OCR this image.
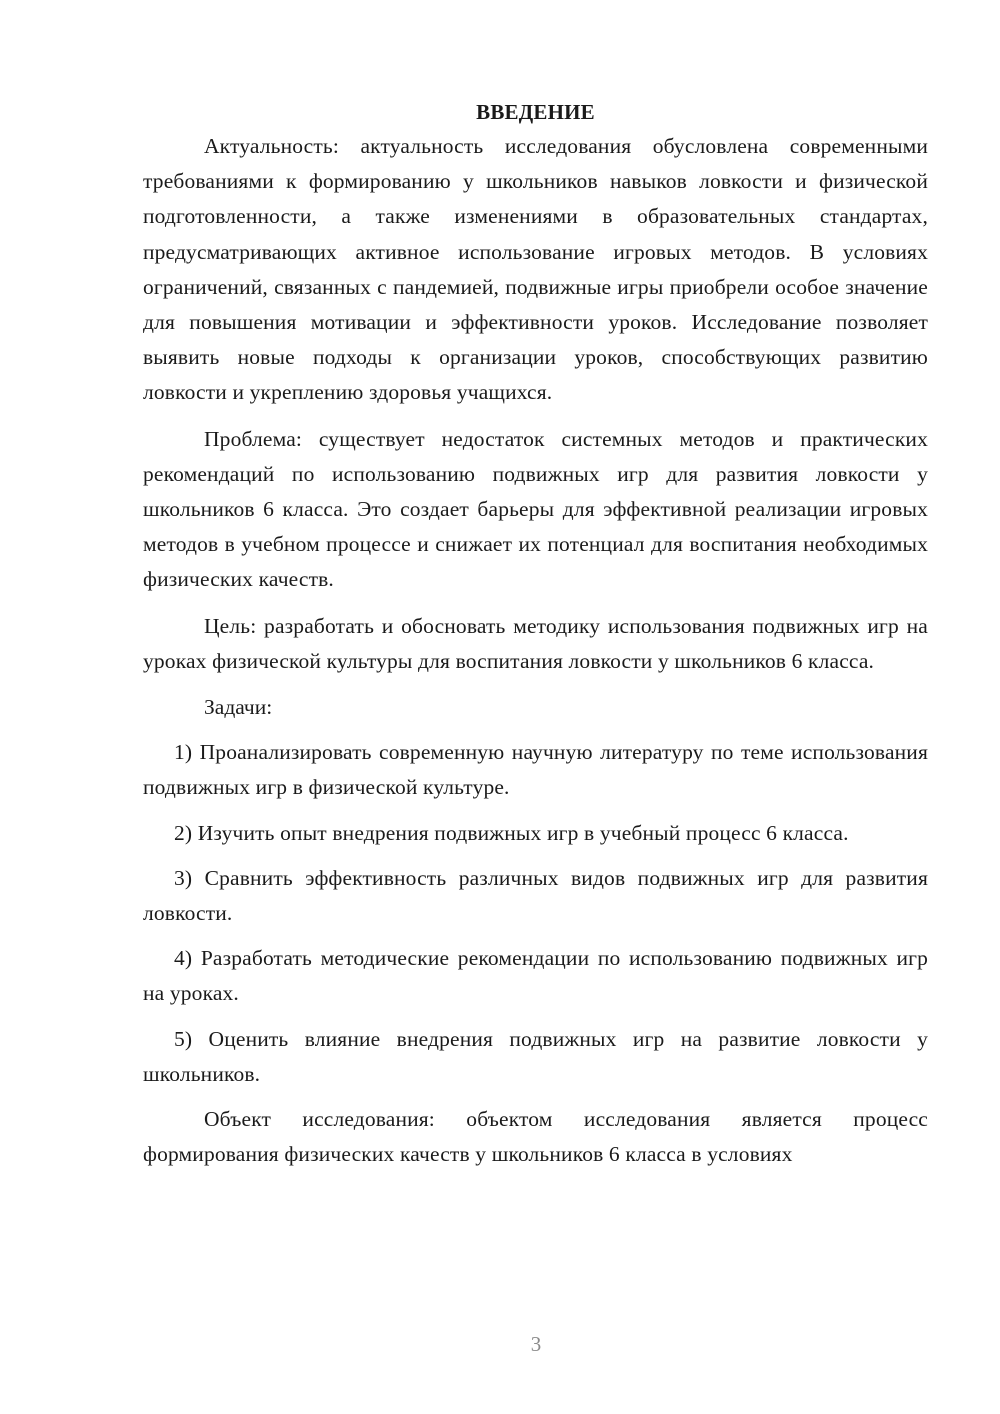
ВВЕДЕНИЕ
Актуальность: актуальность исследования обусловлена современными требованиями к формированию у школьников навыков ловкости и физической подготовленности, а также изменениями в образовательных стандартах, предусматривающих активное использование игровых методов. В условиях ограничений, связанных с пандемией, подвижные игры приобрели особое значение для повышения мотивации и эффективности уроков. Исследование позволяет выявить новые подходы к организации уроков, способствующих развитию ловкости и укреплению здоровья учащихся.
Проблема: существует недостаток системных методов и практических рекомендаций по использованию подвижных игр для развития ловкости у школьников 6 класса. Это создает барьеры для эффективной реализации игровых методов в учебном процессе и снижает их потенциал для воспитания необходимых физических качеств.
Цель: разработать и обосновать методику использования подвижных игр на уроках физической культуры для воспитания ловкости у школьников 6 класса.
Задачи:
1) Проанализировать современную научную литературу по теме использования подвижных игр в физической культуре.
2) Изучить опыт внедрения подвижных игр в учебный процесс 6 класса.
3) Сравнить эффективность различных видов подвижных игр для развития ловкости.
4) Разработать методические рекомендации по использованию подвижных игр на уроках.
5) Оценить влияние внедрения подвижных игр на развитие ловкости у школьников.
Объект исследования: объектом исследования является процесс формирования физических качеств у школьников 6 класса в условиях
3
